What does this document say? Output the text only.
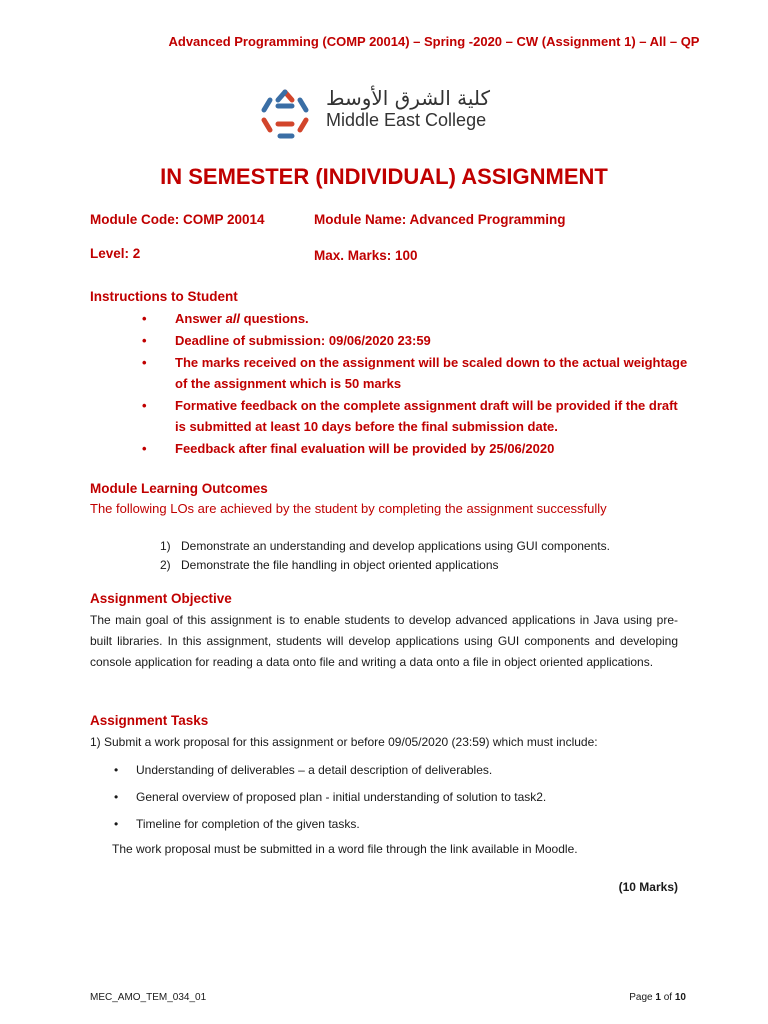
Advanced Programming (COMP 20014) – Spring -2020 – CW (Assignment 1) – All – QP
كلية الشرق الأوسط
Middle East College
IN SEMESTER (INDIVIDUAL) ASSIGNMENT
Module Code: COMP 20014	Module Name: Advanced Programming
Level: 2	Max. Marks: 100
Instructions to Student
• Answer all questions.
• Deadline of submission: 09/06/2020 23:59
• The marks received on the assignment will be scaled down to the actual weightage of the assignment which is 50 marks
• Formative feedback on the complete assignment draft will be provided if the draft is submitted at least 10 days before the final submission date.
• Feedback after final evaluation will be provided by 25/06/2020
Module Learning Outcomes
The following LOs are achieved by the student by completing the assignment successfully
1) Demonstrate an understanding and develop applications using GUI components.
2) Demonstrate the file handling in object oriented applications
Assignment Objective
The main goal of this assignment is to enable students to develop advanced applications in Java using pre-built libraries. In this assignment, students will develop applications using GUI components and developing console application for reading a data onto file and writing a data onto a file in object oriented applications.
Assignment Tasks
1) Submit a work proposal for this assignment or before 09/05/2020 (23:59) which must include:
• Understanding of deliverables – a detail description of deliverables.
• General overview of proposed plan - initial understanding of solution to task2.
• Timeline for completion of the given tasks.
The work proposal must be submitted in a word file through the link available in Moodle.
(10 Marks)
MEC_AMO_TEM_034_01	Page 1 of 10
